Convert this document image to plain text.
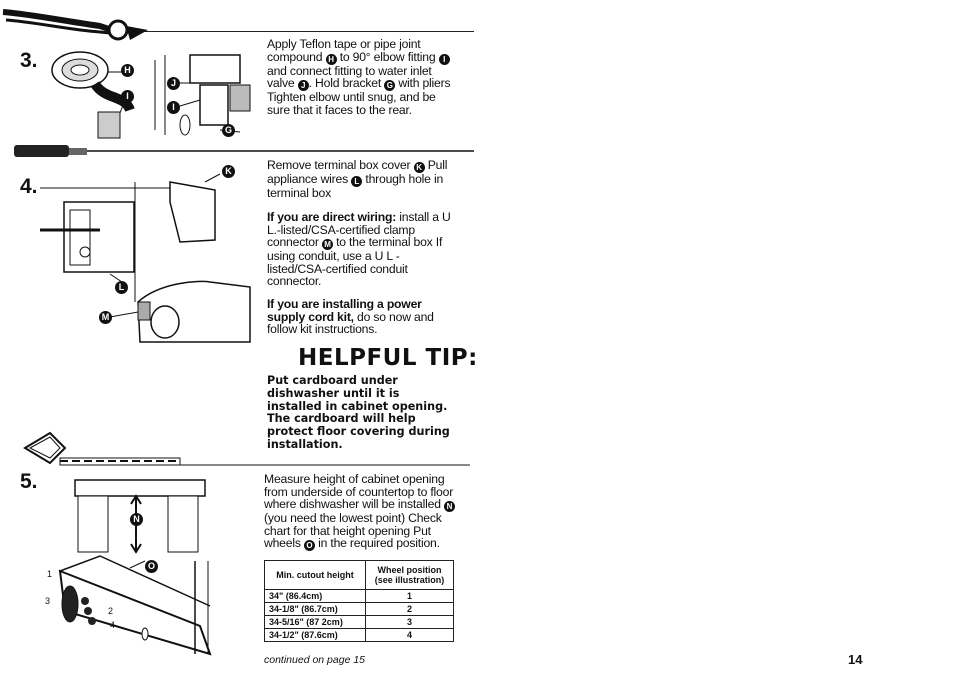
3.	H
I
J
I
G
Apply Teflon tape or pipe joint compound H to 90° elbow fitting I and connect fitting to water inlet valve J . Hold bracket G with pliers Tighten elbow until snug, and be sure that it faces to the rear.
4.
K
L
M
Remove terminal box cover K Pull appliance wires L through hole in terminal box
If you are direct wiring: install a U L.-listed/CSA-certified clamp connector M to the terminal box If using conduit, use a U L -listed/CSA-certified conduit connector.
If you are installing a power supply cord kit, do so now and follow kit instructions.
HELPFUL TIP:
Put cardboard under dishwasher until it is installed in cabinet opening. The cardboard will help protect floor covering during installation.
5.
N
O
1
3
2
4
Measure height of cabinet opening from underside of countertop to floor where dishwasher will be installed N (you need the lowest point) Check chart for that height opening Put wheels O in the required position.
Min. cutout height	Wheel position (see illustration)
34" (86.4cm)	1
34-1/8" (86.7cm)	2
34-5/16" (87 2cm)	3
34-1/2" (87.6cm)	4
continued on page 15	14
